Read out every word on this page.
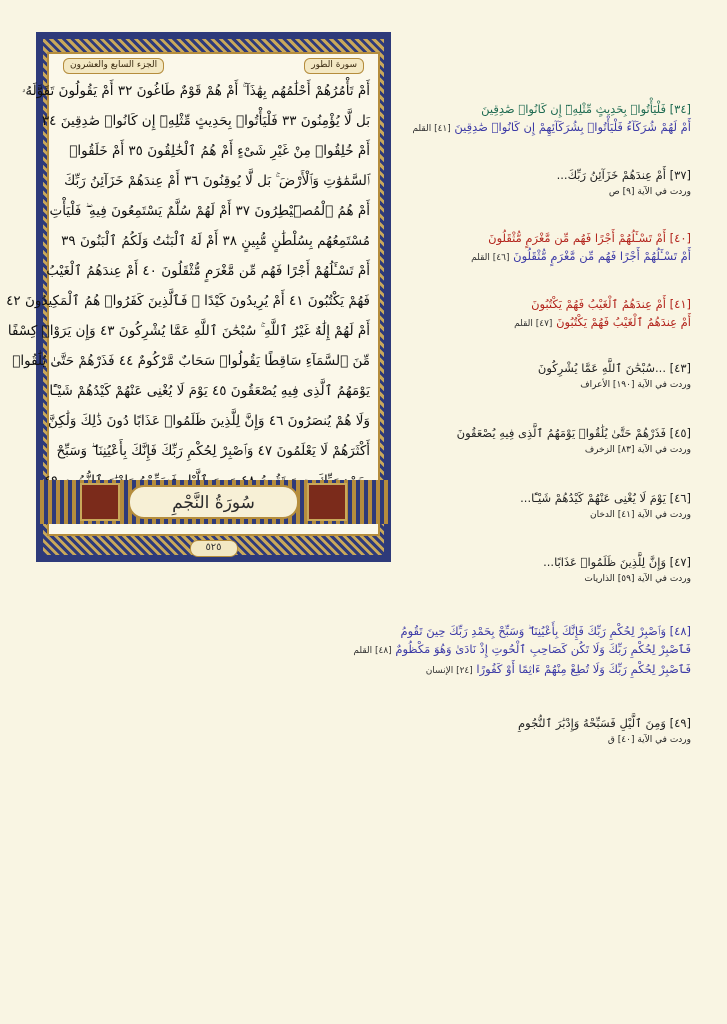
الجزء السابع والعشرون	سورة الطور
أَمْ تَأْمُرُهُمْ أَحْلَٰمُهُم بِهَٰذَآ ۚ أَمْ هُمْ قَوْمٌ طَاغُونَ ٣٢ أَمْ يَقُولُونَ تَقَوَّلَهُۥ
بَل لَّا يُؤْمِنُونَ ٣٣ فَلْيَأْتُوا۟ بِحَدِيثٍ مِّثْلِهِۦٓ إِن كَانُوا۟ صَٰدِقِينَ ٣٤
أَمْ خُلِقُوا۟ مِنْ غَيْرِ شَىْءٍ أَمْ هُمُ ٱلْخَٰلِقُونَ ٣٥ أَمْ خَلَقُوا۟
ٱلسَّمَٰوَٰتِ وَٱلْأَرْضَ ۚ بَل لَّا يُوقِنُونَ ٣٦ أَمْ عِندَهُمْ خَزَآئِنُ رَبِّكَ
أَمْ هُمُ ٱلْمُصَۜيْطِرُونَ ٣٧ أَمْ لَهُمْ سُلَّمٌ يَسْتَمِعُونَ فِيهِ ۖ فَلْيَأْتِ
مُسْتَمِعُهُم بِسُلْطَٰنٍ مُّبِينٍ ٣٨ أَمْ لَهُ ٱلْبَنَٰتُ وَلَكُمُ ٱلْبَنُونَ ٣٩
أَمْ تَسْـَٔلُهُمْ أَجْرًا فَهُم مِّن مَّغْرَمٍ مُّثْقَلُونَ ٤٠ أَمْ عِندَهُمُ ٱلْغَيْبُ
فَهُمْ يَكْتُبُونَ ٤١ أَمْ يُرِيدُونَ كَيْدًا ۖ فَٱلَّذِينَ كَفَرُوا۟ هُمُ ٱلْمَكِيدُونَ ٤٢
أَمْ لَهُمْ إِلَٰهٌ غَيْرُ ٱللَّهِ ۚ سُبْحَٰنَ ٱللَّهِ عَمَّا يُشْرِكُونَ ٤٣ وَإِن يَرَوْا۟ كِسْفًا
مِّنَ ٱلسَّمَآءِ سَاقِطًا يَقُولُوا۟ سَحَابٌ مَّرْكُومٌ ٤٤ فَذَرْهُمْ حَتَّىٰ يُلَٰقُوا۟
يَوْمَهُمُ ٱلَّذِى فِيهِ يُصْعَقُونَ ٤٥ يَوْمَ لَا يُغْنِى عَنْهُمْ كَيْدُهُمْ شَيْـًٔا
وَلَا هُمْ يُنصَرُونَ ٤٦ وَإِنَّ لِلَّذِينَ ظَلَمُوا۟ عَذَابًا دُونَ ذَٰلِكَ وَلَٰكِنَّ
أَكْثَرَهُمْ لَا يَعْلَمُونَ ٤٧ وَٱصْبِرْ لِحُكْمِ رَبِّكَ فَإِنَّكَ بِأَعْيُنِنَا ۖ وَسَبِّحْ
سُورَةُ النَّجْمِ
٥٢٥
[٣٤] فَلْيَأْتُوا۟ بِحَدِيثٍ مِّثْلِهِۦٓ إِن كَانُوا۟ صَٰدِقِينَ
أَمْ لَهُمْ شُرَكَآءُ فَلْيَأْتُوا۟ بِشُرَكَآئِهِمْ إِن كَانُوا۟ صَٰدِقِينَ [٤١] القلم
[٣٧] أَمْ عِندَهُمْ خَزَآئِنُ رَبِّكَ...
وردت في الآية [٩] ص
[٤٠] أَمْ تَسْـَٔلُهُمْ أَجْرًا فَهُم مِّن مَّغْرَمٍ مُّثْقَلُونَ
أَمْ تَسْـَٔلُهُمْ أَجْرًا فَهُم مِّن مَّغْرَمٍ مُّثْقَلُونَ [٤٦] القلم
[٤١] أَمْ عِندَهُمُ ٱلْغَيْبُ فَهُمْ يَكْتُبُونَ
أَمْ عِندَهُمُ ٱلْغَيْبُ فَهُمْ يَكْتُبُونَ [٤٧] القلم
[٤٣] ...سُبْحَٰنَ ٱللَّهِ عَمَّا يُشْرِكُونَ
وردت في الآية [١٩٠] الأعراف
[٤٥] فَذَرْهُمْ حَتَّىٰ يُلَٰقُوا۟ يَوْمَهُمُ ٱلَّذِى فِيهِ يُصْعَقُونَ
وردت في الآية [٨٣] الزخرف
[٤٦] يَوْمَ لَا يُغْنِى عَنْهُمْ كَيْدُهُمْ شَيْـًٔا...
وردت في الآية [٤١] الدخان
[٤٧] وَإِنَّ لِلَّذِينَ ظَلَمُوا۟ عَذَابًا...
وردت في الآية [٥٩] الذاريات
[٤٨] وَٱصْبِرْ لِحُكْمِ رَبِّكَ فَإِنَّكَ بِأَعْيُنِنَا ۖ وَسَبِّحْ بِحَمْدِ رَبِّكَ حِينَ تَقُومُ
فَٱصْبِرْ لِحُكْمِ رَبِّكَ وَلَا تَكُن كَصَاحِبِ ٱلْحُوتِ إِذْ نَادَىٰ وَهُوَ مَكْظُومٌ [٤٨] القلم
فَٱصْبِرْ لِحُكْمِ رَبِّكَ وَلَا تُطِعْ مِنْهُمْ ءَاثِمًا أَوْ كَفُورًا [٢٤] الإنسان
[٤٩] وَمِنَ ٱلَّيْلِ فَسَبِّحْهُ وَإِدْبَٰرَ ٱلنُّجُومِ
وردت في الآية [٤٠] ق
